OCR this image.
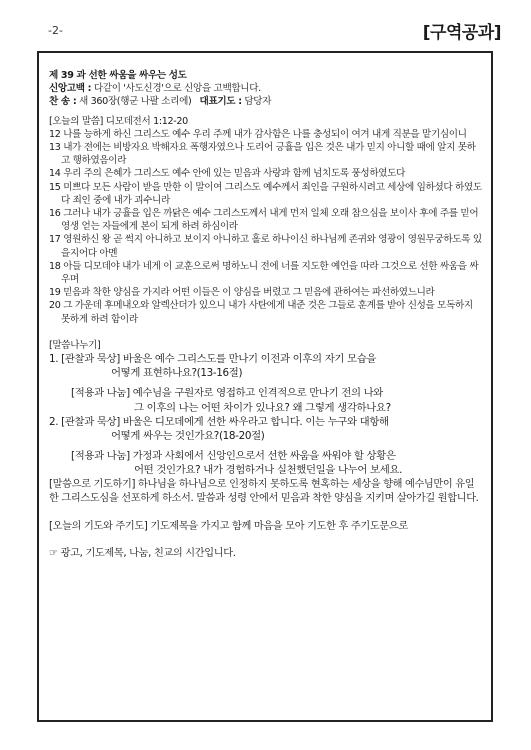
-2-	[구역공과]

제 39 과 선한 싸움을 싸우는 성도

신앙고백 : 다같이 '사도신경'으로 신앙을 고백합니다.

찬 송 : 새 360장(행군 나팔 소리에) 대표기도 : 담당자

[오늘의 말씀] 디모데전서 1:12-20

12 나를 능하게 하신 그리스도 예수 우리 주께 내가 감사함은 나를 충성되이 여겨 내게 직분을 맡기심이니

13 내가 전에는 비방자요 박해자요 폭행자였으나 도리어 긍휼을 입은 것은 내가 믿지 아니할 때에 알지 못하고 행하였음이라

14 우리 주의 은혜가 그리스도 예수 안에 있는 믿음과 사랑과 함께 넘치도록 풍성하였도다

15 미쁘다 모든 사람이 받을 만한 이 말이여 그리스도 예수께서 죄인을 구원하시려고 세상에 임하셨다 하였도다 죄인 중에 내가 괴수니라

16 그러나 내가 긍휼을 입은 까닭은 예수 그리스도께서 내게 먼저 일체 오래 참으심을 보이사 후에 주를 믿어 영생 얻는 자들에게 본이 되게 하려 하심이라

17 영원하신 왕 곧 썩지 아니하고 보이지 아니하고 홀로 하나이신 하나님께 존귀와 영광이 영원무궁하도록 있을지어다 아멘

18 아들 디모데야 내가 네게 이 교훈으로써 명하노니 전에 너를 지도한 예언을 따라 그것으로 선한 싸움을 싸우며

19 믿음과 착한 양심을 가지라 어떤 이들은 이 양심을 버렸고 그 믿음에 관하여는 파선하였느니라

20 그 가운데 후메내오와 알렉산더가 있으니 내가 사탄에게 내준 것은 그들로 훈계를 받아 신성을 모독하지 못하게 하려 함이라

[말씀나누기]

1. [관찰과 묵상] 바울은 예수 그리스도를 만나기 이전과 이후의 자기 모습을

어떻게 표현하나요?(13-16절)

[적용과 나눔] 예수님을 구원자로 영접하고 인격적으로 만나기 전의 나와

그 이후의 나는 어떤 차이가 있나요? 왜 그렇게 생각하나요?

2. [관찰과 묵상] 바울은 디모데에게 선한 싸우라고 합니다. 이는 누구와 대항해

어떻게 싸우는 것인가요?(18-20절)

[적용과 나눔] 가정과 사회에서 신앙인으로서 선한 싸움을 싸워야 할 상황은

어떤 것인가요? 내가 경험하거나 실천했던일을 나누어 보세요.

[말씀으로 기도하기] 하나님을 하나님으로 인정하지 못하도록 현혹하는 세상을 향해 예수님만이 유일한 그리스도심을 선포하게 하소서. 말씀과 성령 안에서 믿음과 착한 양심을 지키며 살아가길 원합니다.

[오늘의 기도와 주기도] 기도제목을 가지고 함께 마음을 모아 기도한 후 주기도문으로

☞ 광고, 기도제목, 나눔, 친교의 시간입니다.
